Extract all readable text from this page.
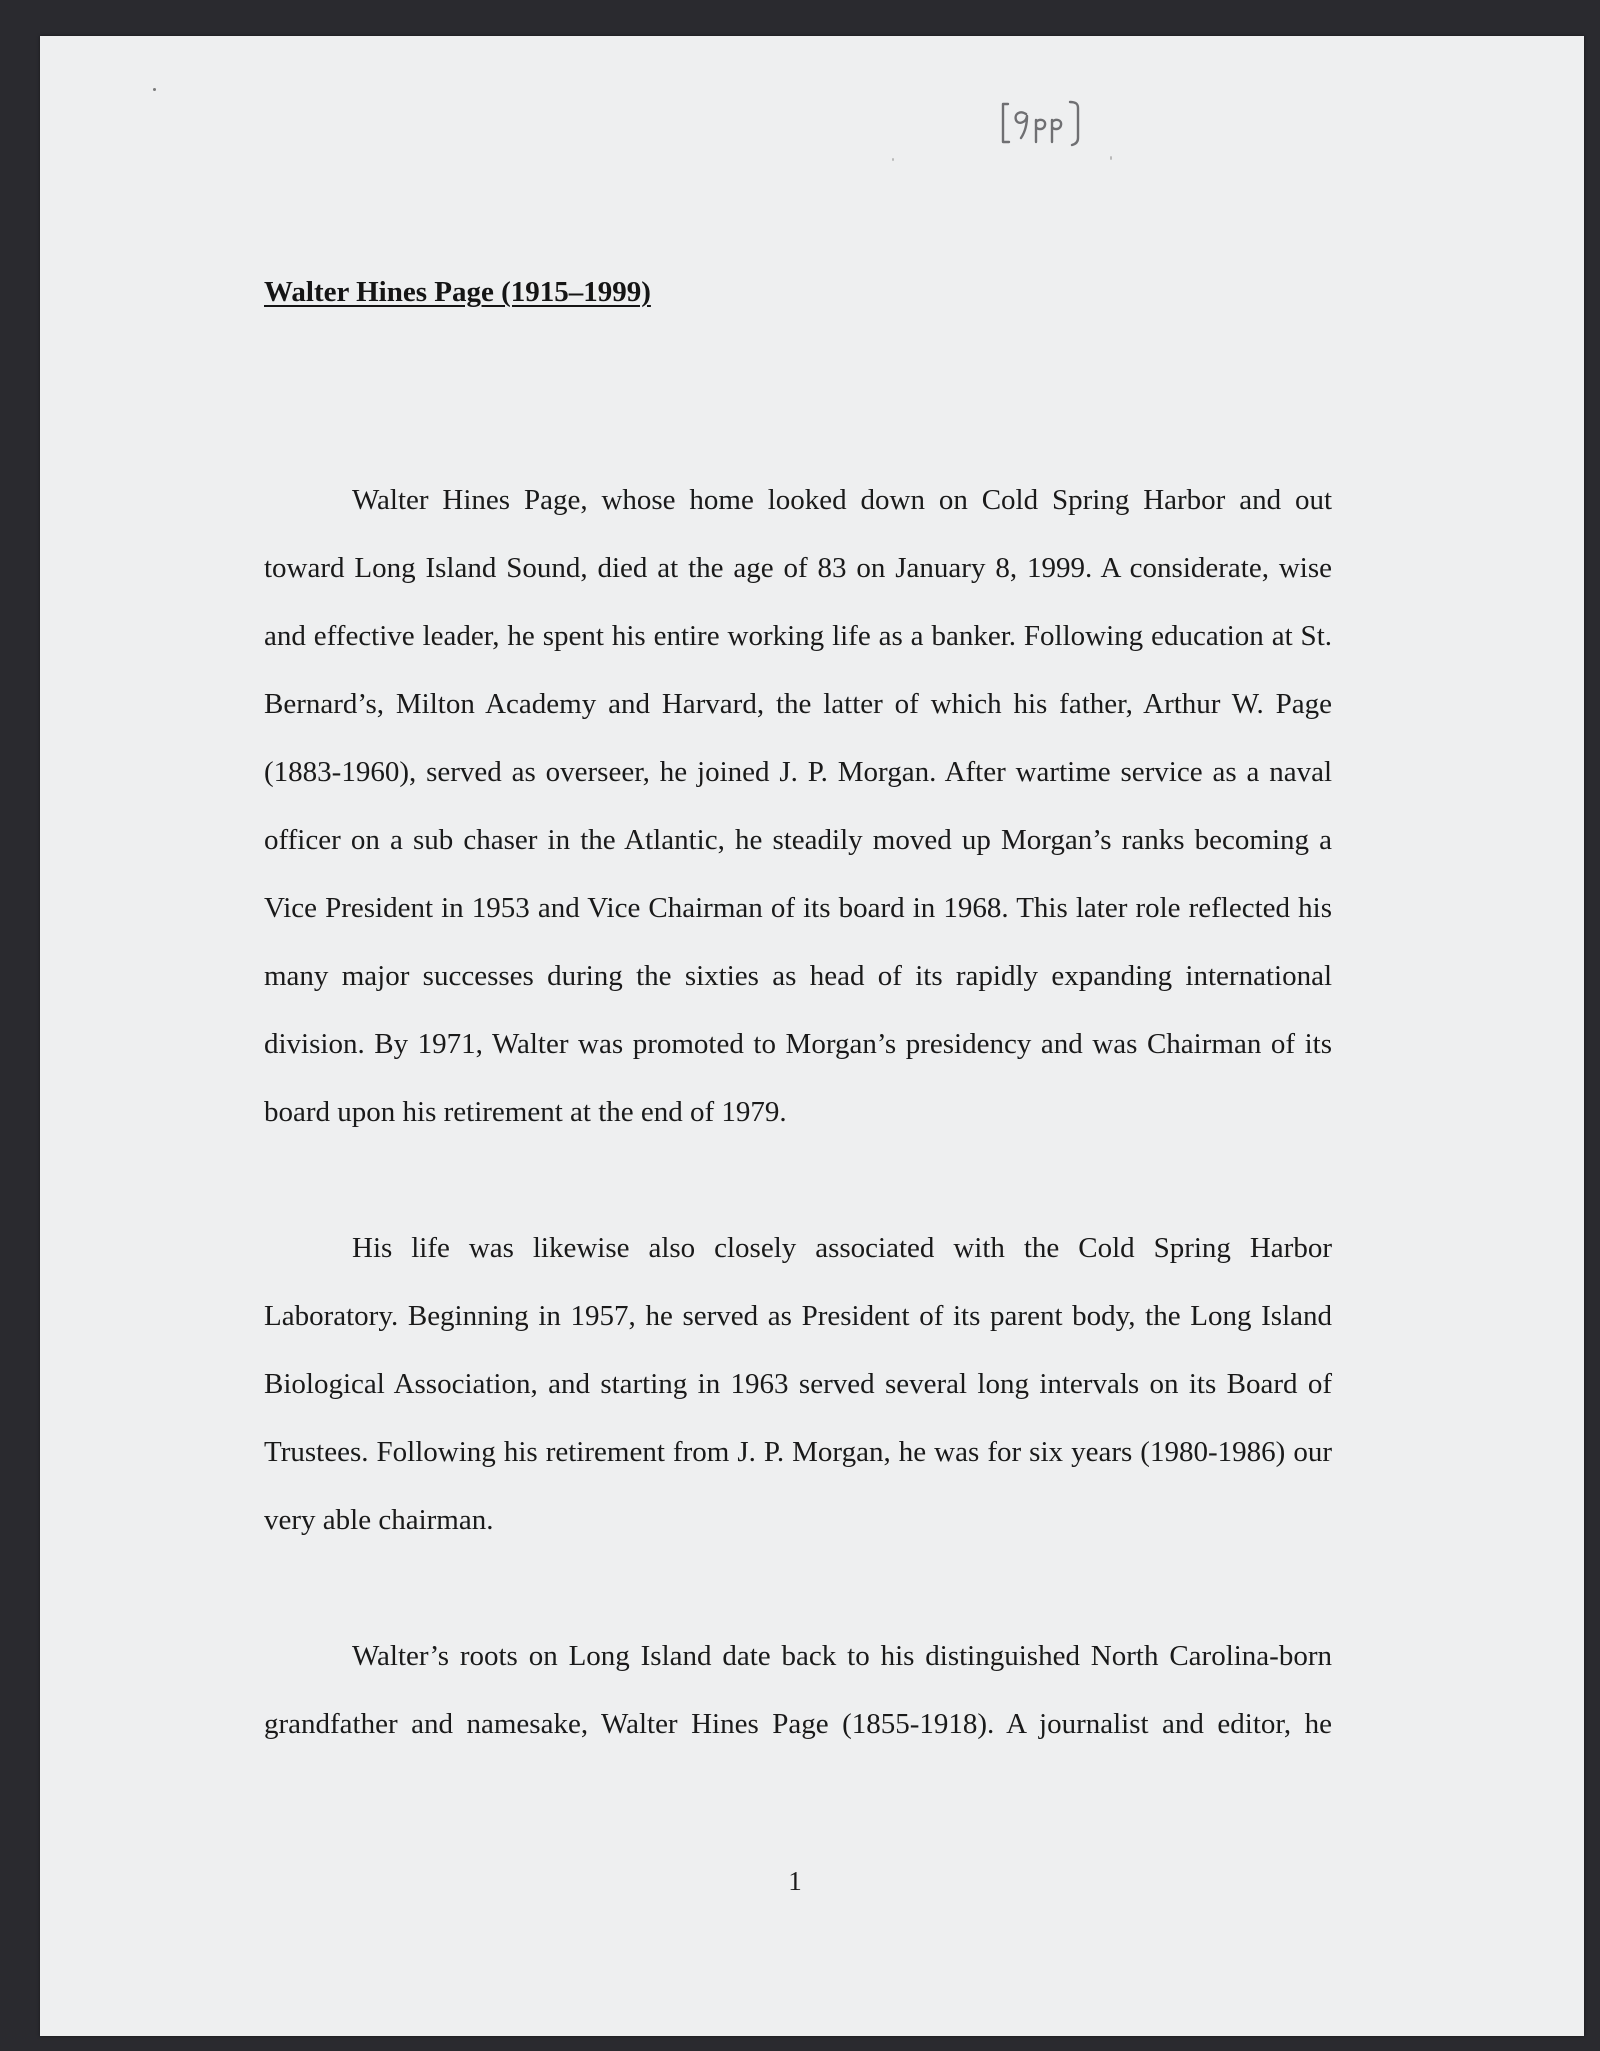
Walter Hines Page (1915–1999)

Walter Hines Page, whose home looked down on Cold Spring Harbor and out toward Long Island Sound, died at the age of 83 on January 8, 1999. A considerate, wise and effective leader, he spent his entire working life as a banker. Following education at St. Bernard’s, Milton Academy and Harvard, the latter of which his father, Arthur W. Page (1883-1960), served as overseer, he joined J. P. Morgan. After wartime service as a naval officer on a sub chaser in the Atlantic, he steadily moved up Morgan’s ranks becoming a Vice President in 1953 and Vice Chairman of its board in 1968. This later role reflected his many major successes during the sixties as head of its rapidly expanding international division. By 1971, Walter was promoted to Morgan’s presidency and was Chairman of its board upon his retirement at the end of 1979.

His life was likewise also closely associated with the Cold Spring Harbor Laboratory. Beginning in 1957, he served as President of its parent body, the Long Island Biological Association, and starting in 1963 served several long intervals on its Board of Trustees. Following his retirement from J. P. Morgan, he was for six years (1980-1986) our very able chairman.

Walter’s roots on Long Island date back to his distinguished North Carolina-born grandfather and namesake, Walter Hines Page (1855-1918). A journalist and editor, he

1
